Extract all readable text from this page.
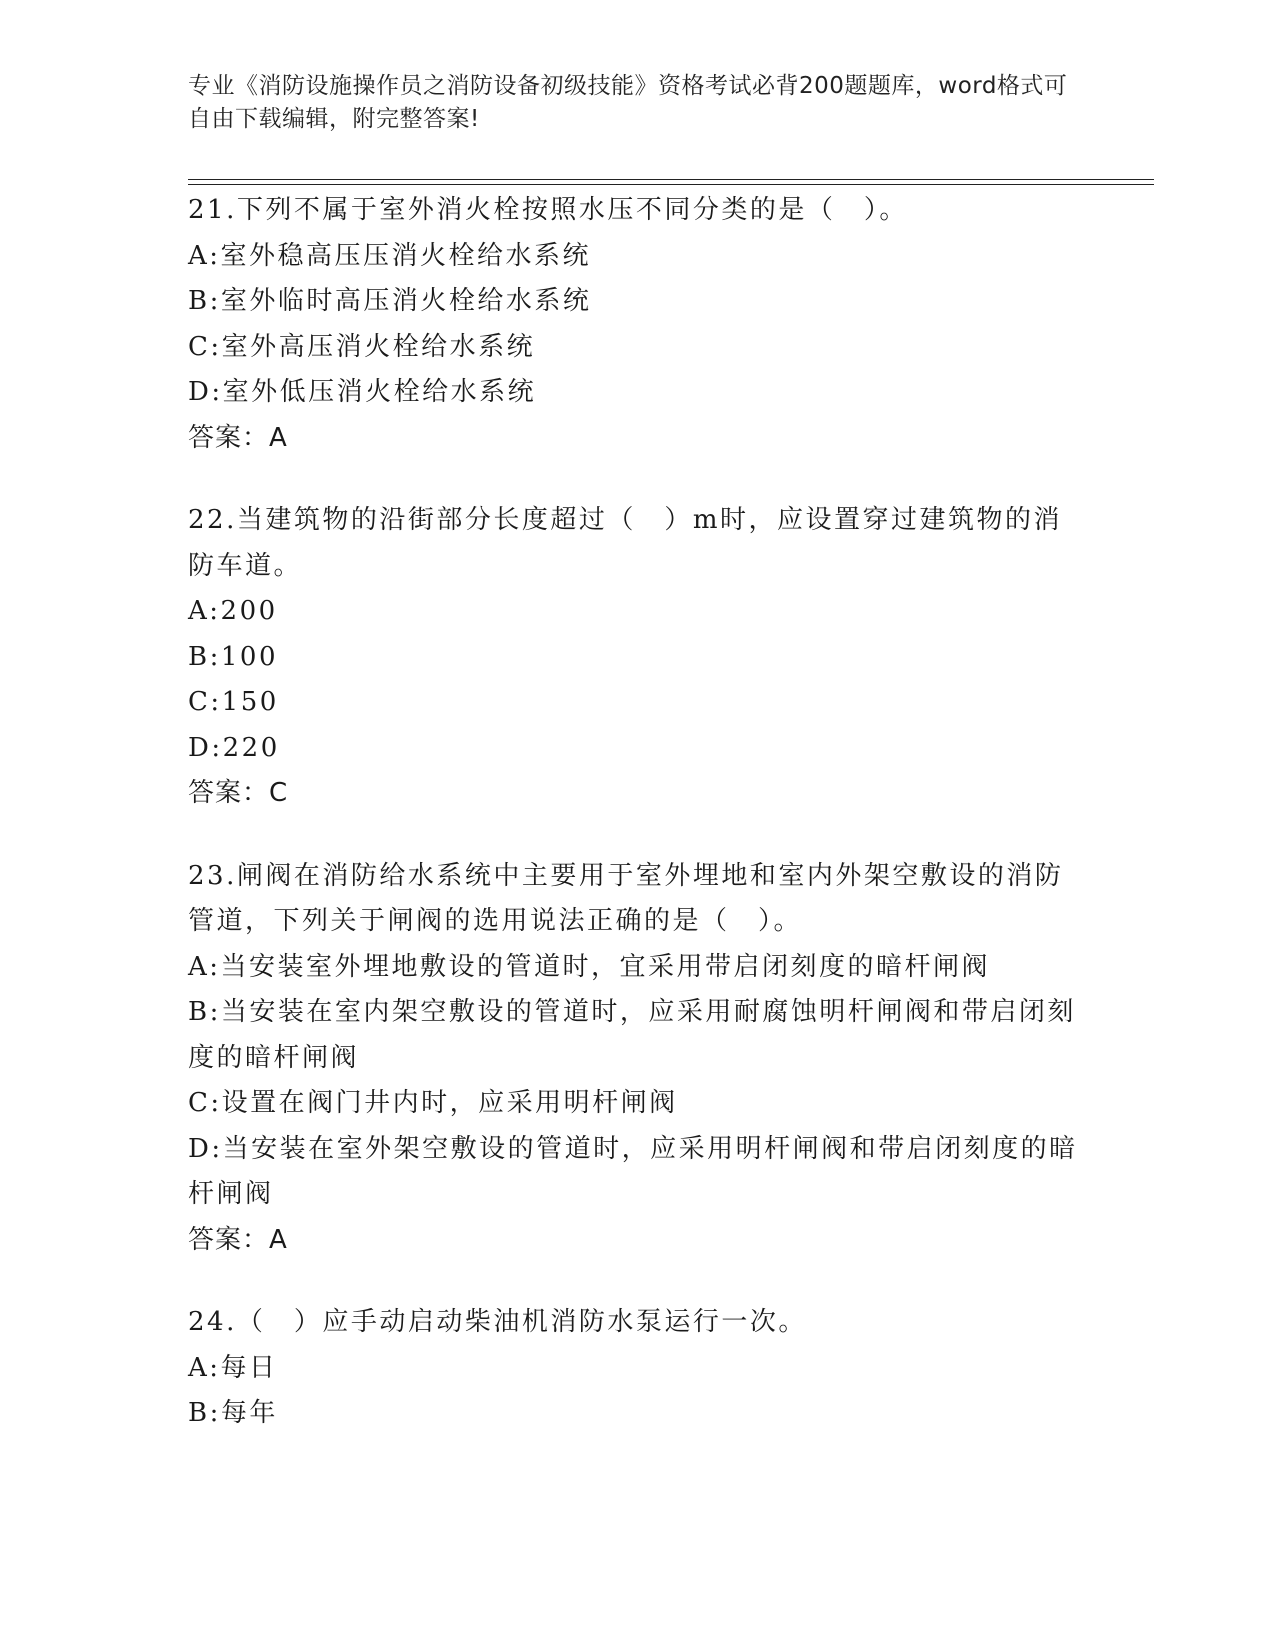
专业《消防设施操作员之消防设备初级技能》资格考试必背200题题库，word格式可自由下载编辑，附完整答案!

21.下列不属于室外消火栓按照水压不同分类的是（　）。

A:室外稳高压压消火栓给水系统

B:室外临时高压消火栓给水系统

C:室外高压消火栓给水系统

D:室外低压消火栓给水系统

答案：A

22.当建筑物的沿街部分长度超过（　）m时，应设置穿过建筑物的消防车道。

A:200

B:100

C:150

D:220

答案：C

23.闸阀在消防给水系统中主要用于室外埋地和室内外架空敷设的消防管道，下列关于闸阀的选用说法正确的是（　）。

A:当安装室外埋地敷设的管道时，宜采用带启闭刻度的暗杆闸阀

B:当安装在室内架空敷设的管道时，应采用耐腐蚀明杆闸阀和带启闭刻度的暗杆闸阀

C:设置在阀门井内时，应采用明杆闸阀

D:当安装在室外架空敷设的管道时，应采用明杆闸阀和带启闭刻度的暗杆闸阀

答案：A

24.（　）应手动启动柴油机消防水泵运行一次。

A:每日

B:每年
